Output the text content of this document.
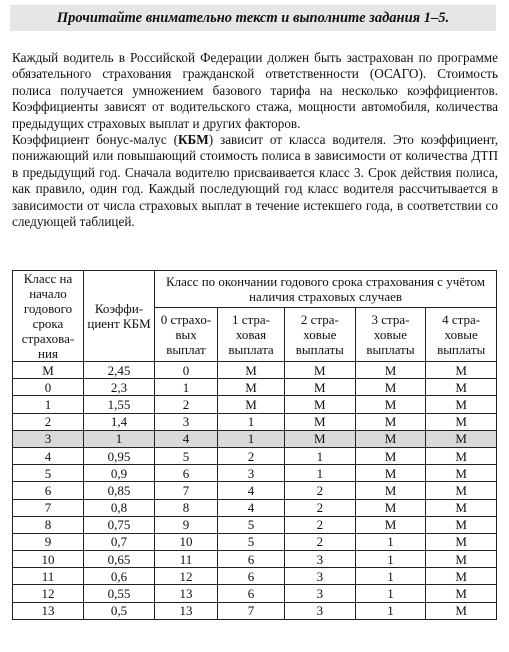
Прочитайте внимательно текст и выполните задания 1–5.

Каждый водитель в Российской Федерации должен быть застрахован по программе обязательного страхования гражданской ответственности (ОСАГО). Стоимость полиса получается умножением базового тарифа на несколько коэффициентов. Коэффициенты зависят от водительского стажа, мощности автомобиля, количества предыдущих страховых выплат и других факторов.

Коэффициент бонус-малус (КБМ) зависит от класса водителя. Это коэффициент, понижающий или повышающий стоимость полиса в зависимости от количества ДТП в предыдущий год. Сначала водителю присваивается класс 3. Срок действия полиса, как правило, один год. Каждый последующий год класс водителя рассчитывается в зависимости от числа страховых выплат в течение истекшего года, в соответствии со следующей таблицей.

Класс на начало годового срока страхова-ния	Коэффи-циент КБМ	Класс по окончании годового срока страхования с учётом наличия страховых случаев				
		0 страхо-вых выплат	1 стра-ховая выплата	2 стра-ховые выплаты	3 стра-ховые выплаты	4 стра-ховые выплаты
М	2,45	0	М	М	М	М
0	2,3	1	М	М	М	М
1	1,55	2	М	М	М	М
2	1,4	3	1	М	М	М
3	1	4	1	М	М	М
4	0,95	5	2	1	М	М
5	0,9	6	3	1	М	М
6	0,85	7	4	2	М	М
7	0,8	8	4	2	М	М
8	0,75	9	5	2	М	М
9	0,7	10	5	2	1	М
10	0,65	11	6	3	1	М
11	0,6	12	6	3	1	М
12	0,55	13	6	3	1	М
13	0,5	13	7	3	1	М
